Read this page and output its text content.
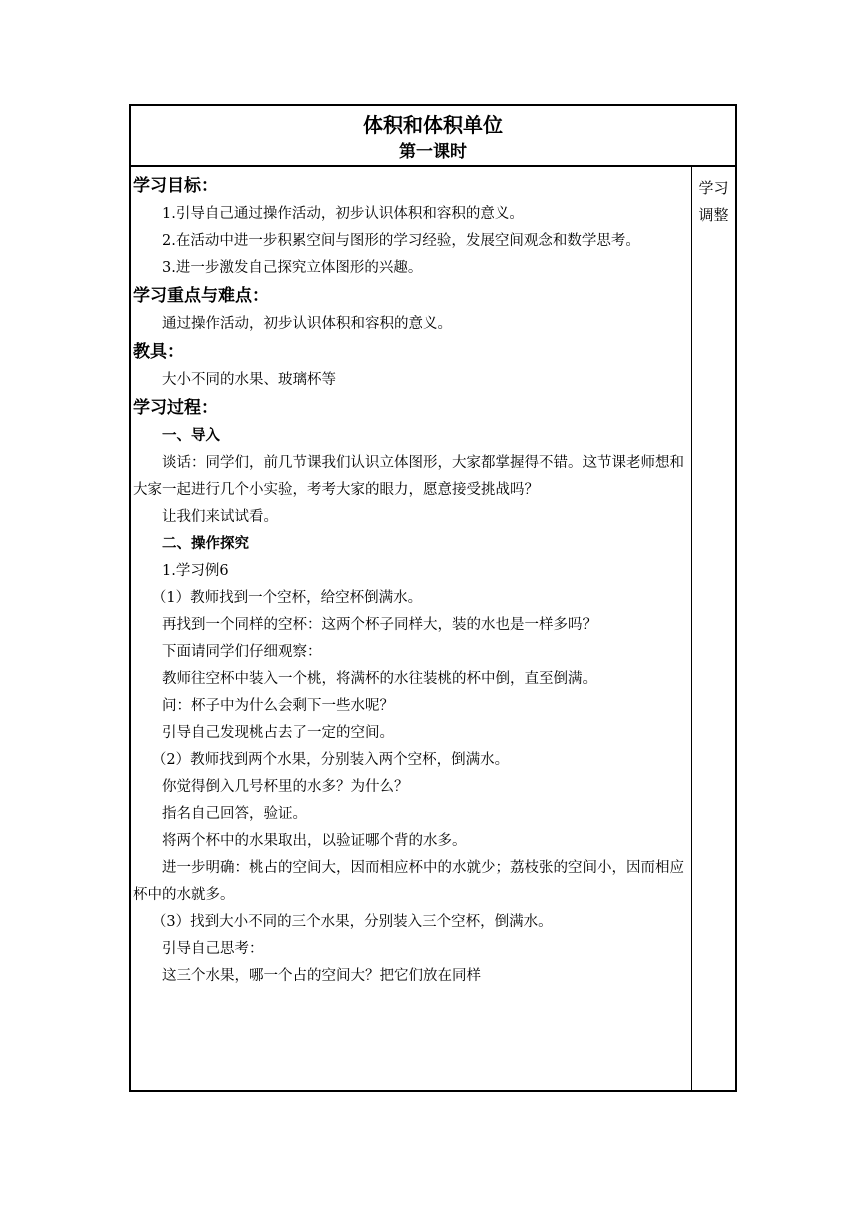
体积和体积单位
第一课时
学习目标：

1.引导自己通过操作活动，初步认识体积和容积的意义。

2.在活动中进一步积累空间与图形的学习经验，发展空间观念和数学思考。

3.进一步激发自己探究立体图形的兴趣。

学习重点与难点：

通过操作活动，初步认识体积和容积的意义。

教具：

大小不同的水果、玻璃杯等

学习过程：

一、导入

谈话：同学们，前几节课我们认识立体图形，大家都掌握得不错。这节课老师想和大家一起进行几个小实验，考考大家的眼力，愿意接受挑战吗？

让我们来试试看。

二、操作探究

1.学习例6

（1）教师找到一个空杯，给空杯倒满水。

再找到一个同样的空杯：这两个杯子同样大，装的水也是一样多吗？

下面请同学们仔细观察：

教师往空杯中装入一个桃，将满杯的水往装桃的杯中倒，直至倒满。

问：杯子中为什么会剩下一些水呢？

引导自己发现桃占去了一定的空间。

（2）教师找到两个水果，分别装入两个空杯，倒满水。

你觉得倒入几号杯里的水多？为什么？

指名自己回答，验证。

将两个杯中的水果取出，以验证哪个背的水多。

进一步明确：桃占的空间大，因而相应杯中的水就少；荔枝张的空间小，因而相应杯中的水就多。

（3）找到大小不同的三个水果，分别装入三个空杯，倒满水。

引导自己思考：

这三个水果，哪一个占的空间大？把它们放在同样

学习
调整
